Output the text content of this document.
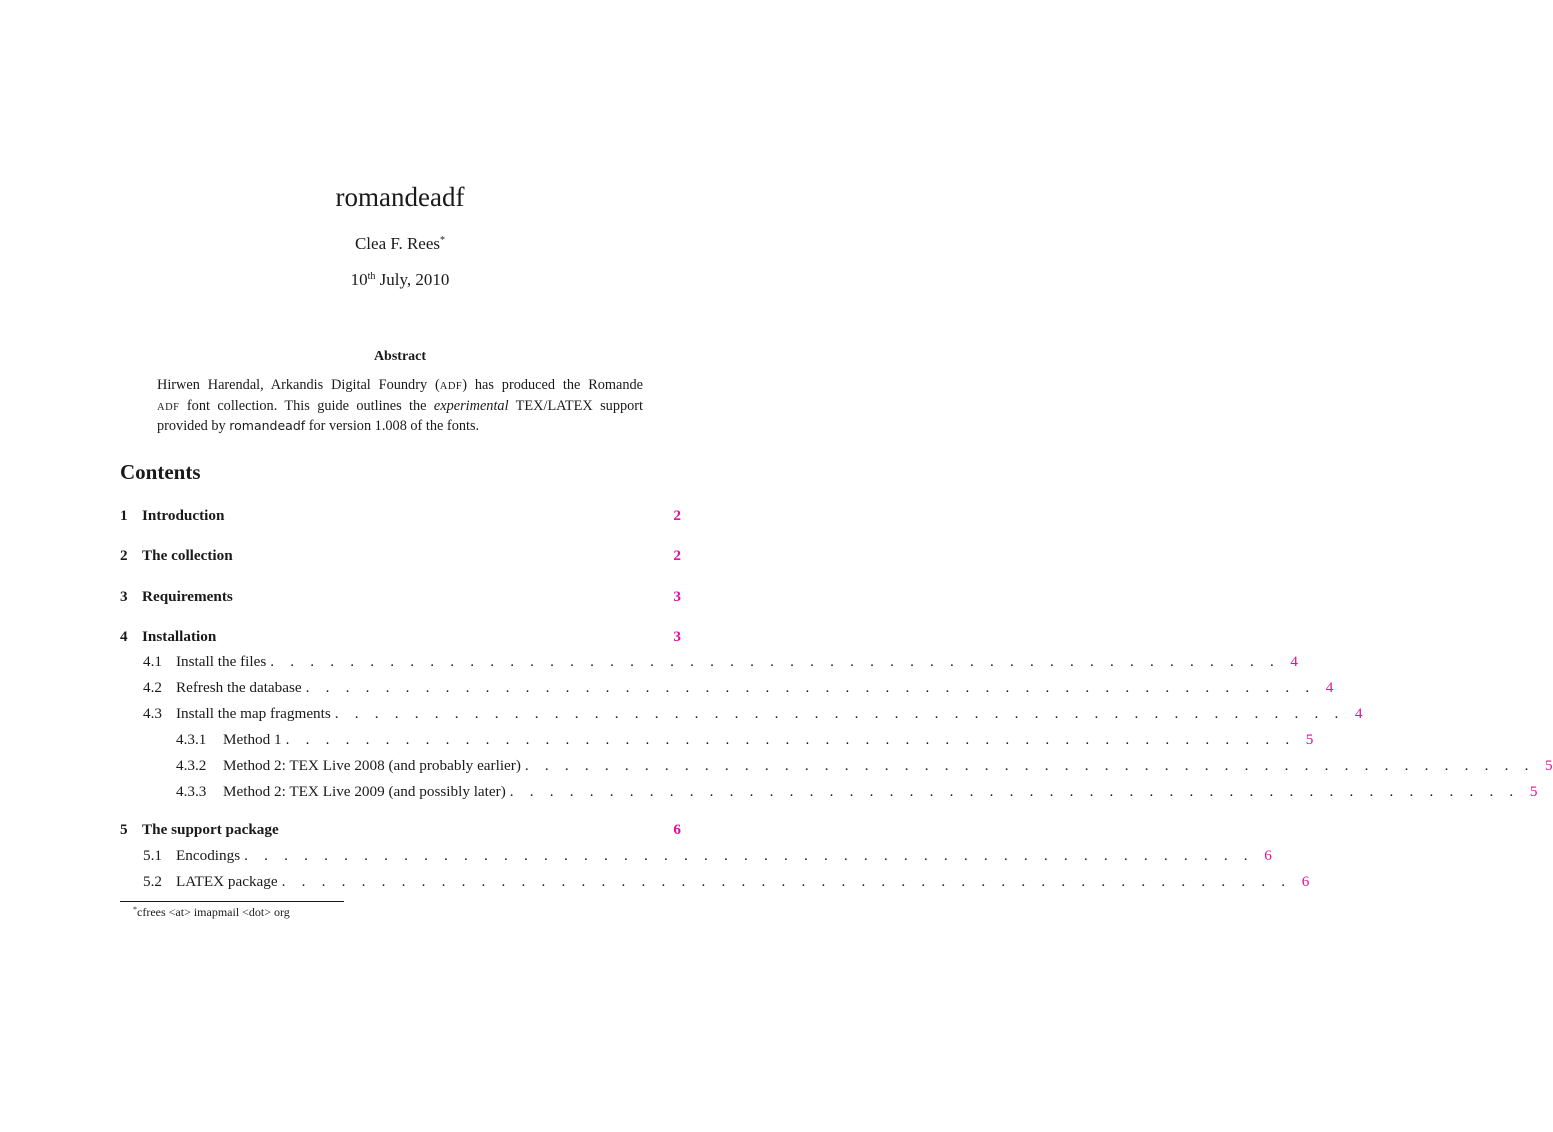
romandeadf
Clea F. Rees*
10th July, 2010
Abstract
Hirwen Harendal, Arkandis Digital Foundry (ADF) has produced the Romande
ADF font collection. This guide outlines the experimental TEX/LATEX support
provided by romandeadf for version 1.008 of the fonts.
Contents
1 Introduction	2
2 The collection	2
3 Requirements	3
4 Installation	3
4.1 Install the files . . . . . . . . . . . . . . . . . . . . . . . . . . . . . . . . . . . . . . . . . . . . . . . . . . . 4
4.2 Refresh the database . . . . . . . . . . . . . . . . . . . . . . . . . . . . . . . . . . . . . . . . . . . . . . . . . . . 4
4.3 Install the map fragments . . . . . . . . . . . . . . . . . . . . . . . . . . . . . . . . . . . . . . . . . . . . . . . . . . . 4
4.3.1	Method 1 . . . . . . . . . . . . . . . . . . . . . . . . . . . . . . . . . . . . . . . . . . . . . . . . . . . 5
4.3.2	Method 2: TEX Live 2008 (and probably earlier) . . . . . . . . . . . . . . . . . . . . . . . . . . . . . . . . . . . . . . . . . . . . . . . . . . . 5
4.3.3	Method 2: TEX Live 2009 (and possibly later) . . . . . . . . . . . . . . . . . . . . . . . . . . . . . . . . . . . . . . . . . . . . . . . . . . . 5
5 The support package	6
5.1 Encodings . . . . . . . . . . . . . . . . . . . . . . . . . . . . . . . . . . . . . . . . . . . . . . . . . . . 6
5.2 LATEX package . . . . . . . . . . . . . . . . . . . . . . . . . . . . . . . . . . . . . . . . . . . . . . . . . . . 6
*cfrees <at> imapmail <dot> org
